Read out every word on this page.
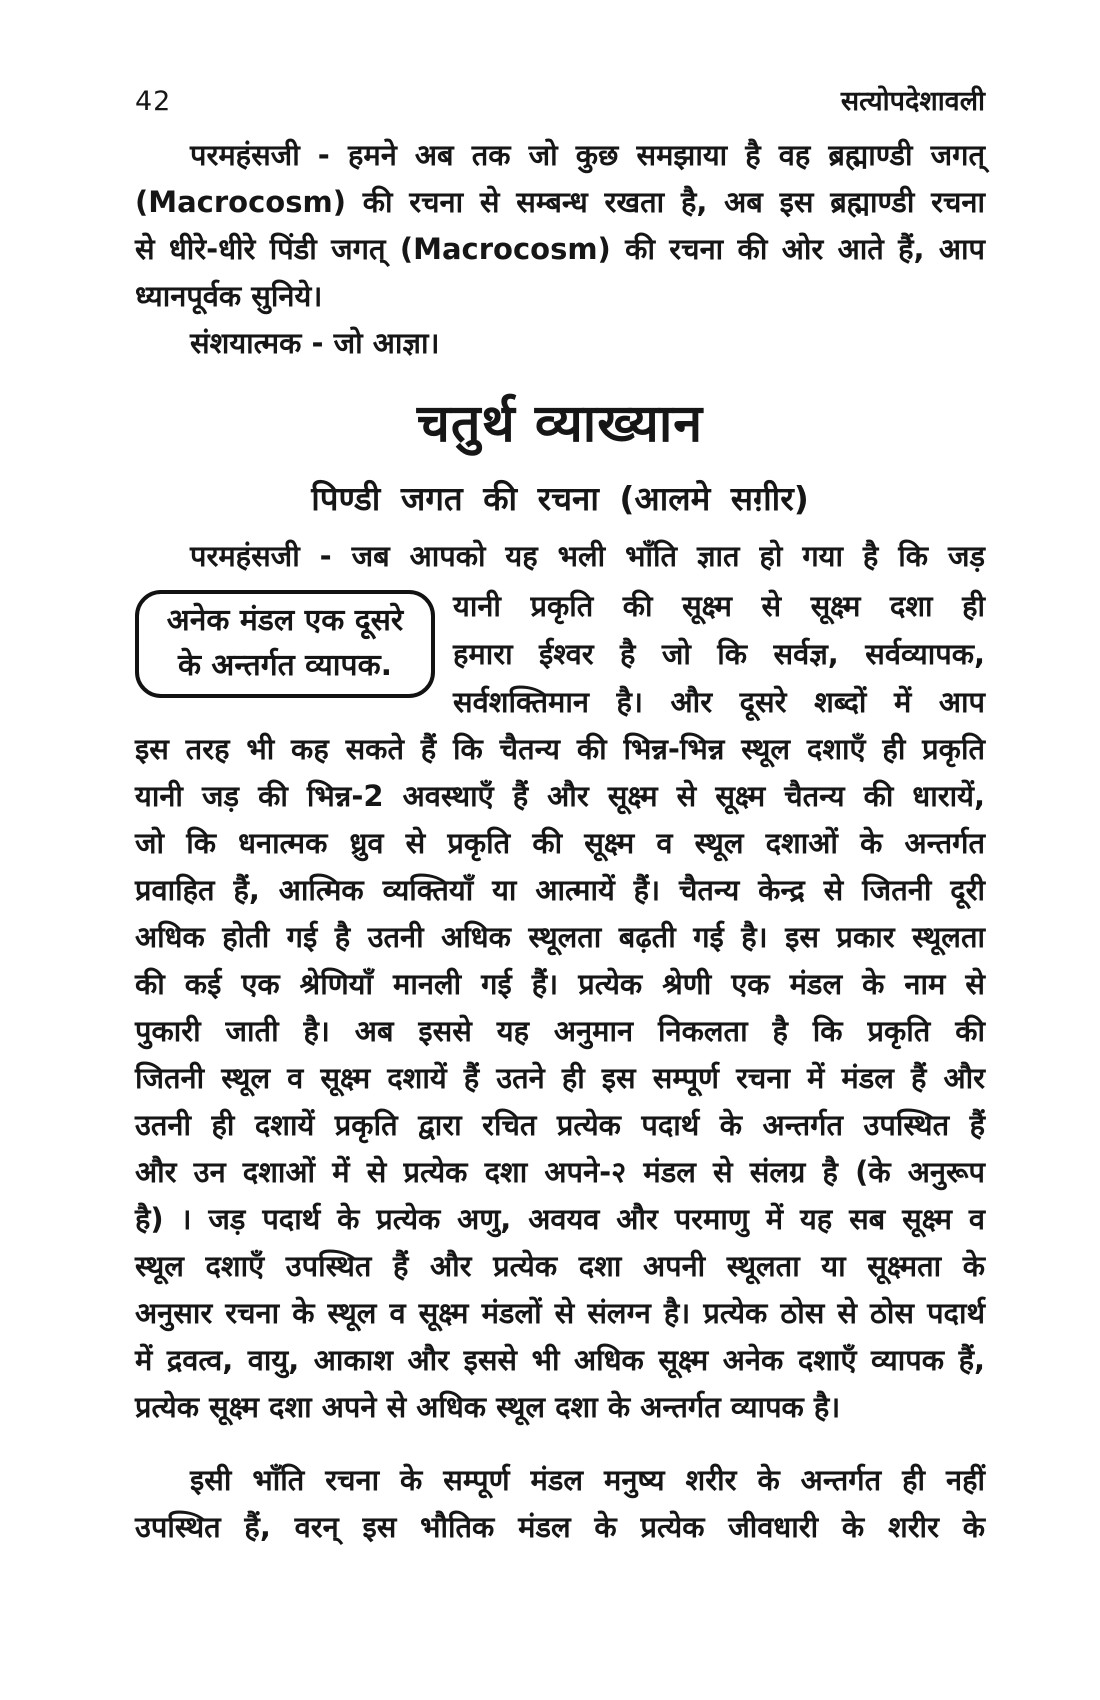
42	सत्योपदेशावली
परमहंसजी - हमने अब तक जो कुछ समझाया है वह ब्रह्माण्डी जगत्
(Macrocosm) की रचना से सम्बन्ध रखता है, अब इस ब्रह्माण्डी रचना
से धीरे-धीरे पिंडी जगत् (Macrocosm) की रचना की ओर आते हैं, आप
ध्यानपूर्वक सुनिये।
संशयात्मक - जो आज्ञा।
चतुर्थ व्याख्यान
पिण्डी जगत की रचना (आलमे सग़ीर)
परमहंसजी - जब आपको यह भली भाँति ज्ञात हो गया है कि जड़
अनेक मंडल एक दूसरे
के अन्तर्गत व्यापक.
यानी प्रकृति की सूक्ष्म से सूक्ष्म दशा ही
हमारा ईश्वर है जो कि सर्वज्ञ, सर्वव्यापक,
सर्वशक्तिमान है। और दूसरे शब्दों में आप
इस तरह भी कह सकते हैं कि चैतन्य की भिन्न-भिन्न स्थूल दशाएँ ही प्रकृति
यानी जड़ की भिन्न-2 अवस्थाएँ हैं और सूक्ष्म से सूक्ष्म चैतन्य की धारायें,
जो कि धनात्मक ध्रुव से प्रकृति की सूक्ष्म व स्थूल दशाओं के अन्तर्गत
प्रवाहित हैं, आत्मिक व्यक्तियाँ या आत्मायें हैं। चैतन्य केन्द्र से जितनी दूरी
अधिक होती गई है उतनी अधिक स्थूलता बढ़ती गई है। इस प्रकार स्थूलता
की कई एक श्रेणियाँ मानली गई हैं। प्रत्येक श्रेणी एक मंडल के नाम से
पुकारी जाती है। अब इससे यह अनुमान निकलता है कि प्रकृति की
जितनी स्थूल व सूक्ष्म दशायें हैं उतने ही इस सम्पूर्ण रचना में मंडल हैं और
उतनी ही दशायें प्रकृति द्वारा रचित प्रत्येक पदार्थ के अन्तर्गत उपस्थित हैं
और उन दशाओं में से प्रत्येक दशा अपने-२ मंडल से संलग्र है (के अनुरूप
है) । जड़ पदार्थ के प्रत्येक अणु, अवयव और परमाणु में यह सब सूक्ष्म व
स्थूल दशाएँ उपस्थित हैं और प्रत्येक दशा अपनी स्थूलता या सूक्ष्मता के
अनुसार रचना के स्थूल व सूक्ष्म मंडलों से संलग्न है। प्रत्येक ठोस से ठोस पदार्थ
में द्रवत्व, वायु, आकाश और इससे भी अधिक सूक्ष्म अनेक दशाएँ व्यापक हैं,
प्रत्येक सूक्ष्म दशा अपने से अधिक स्थूल दशा के अन्तर्गत व्यापक है।
इसी भाँति रचना के सम्पूर्ण मंडल मनुष्य शरीर के अन्तर्गत ही नहीं
उपस्थित हैं, वरन् इस भौतिक मंडल के प्रत्येक जीवधारी के शरीर के
